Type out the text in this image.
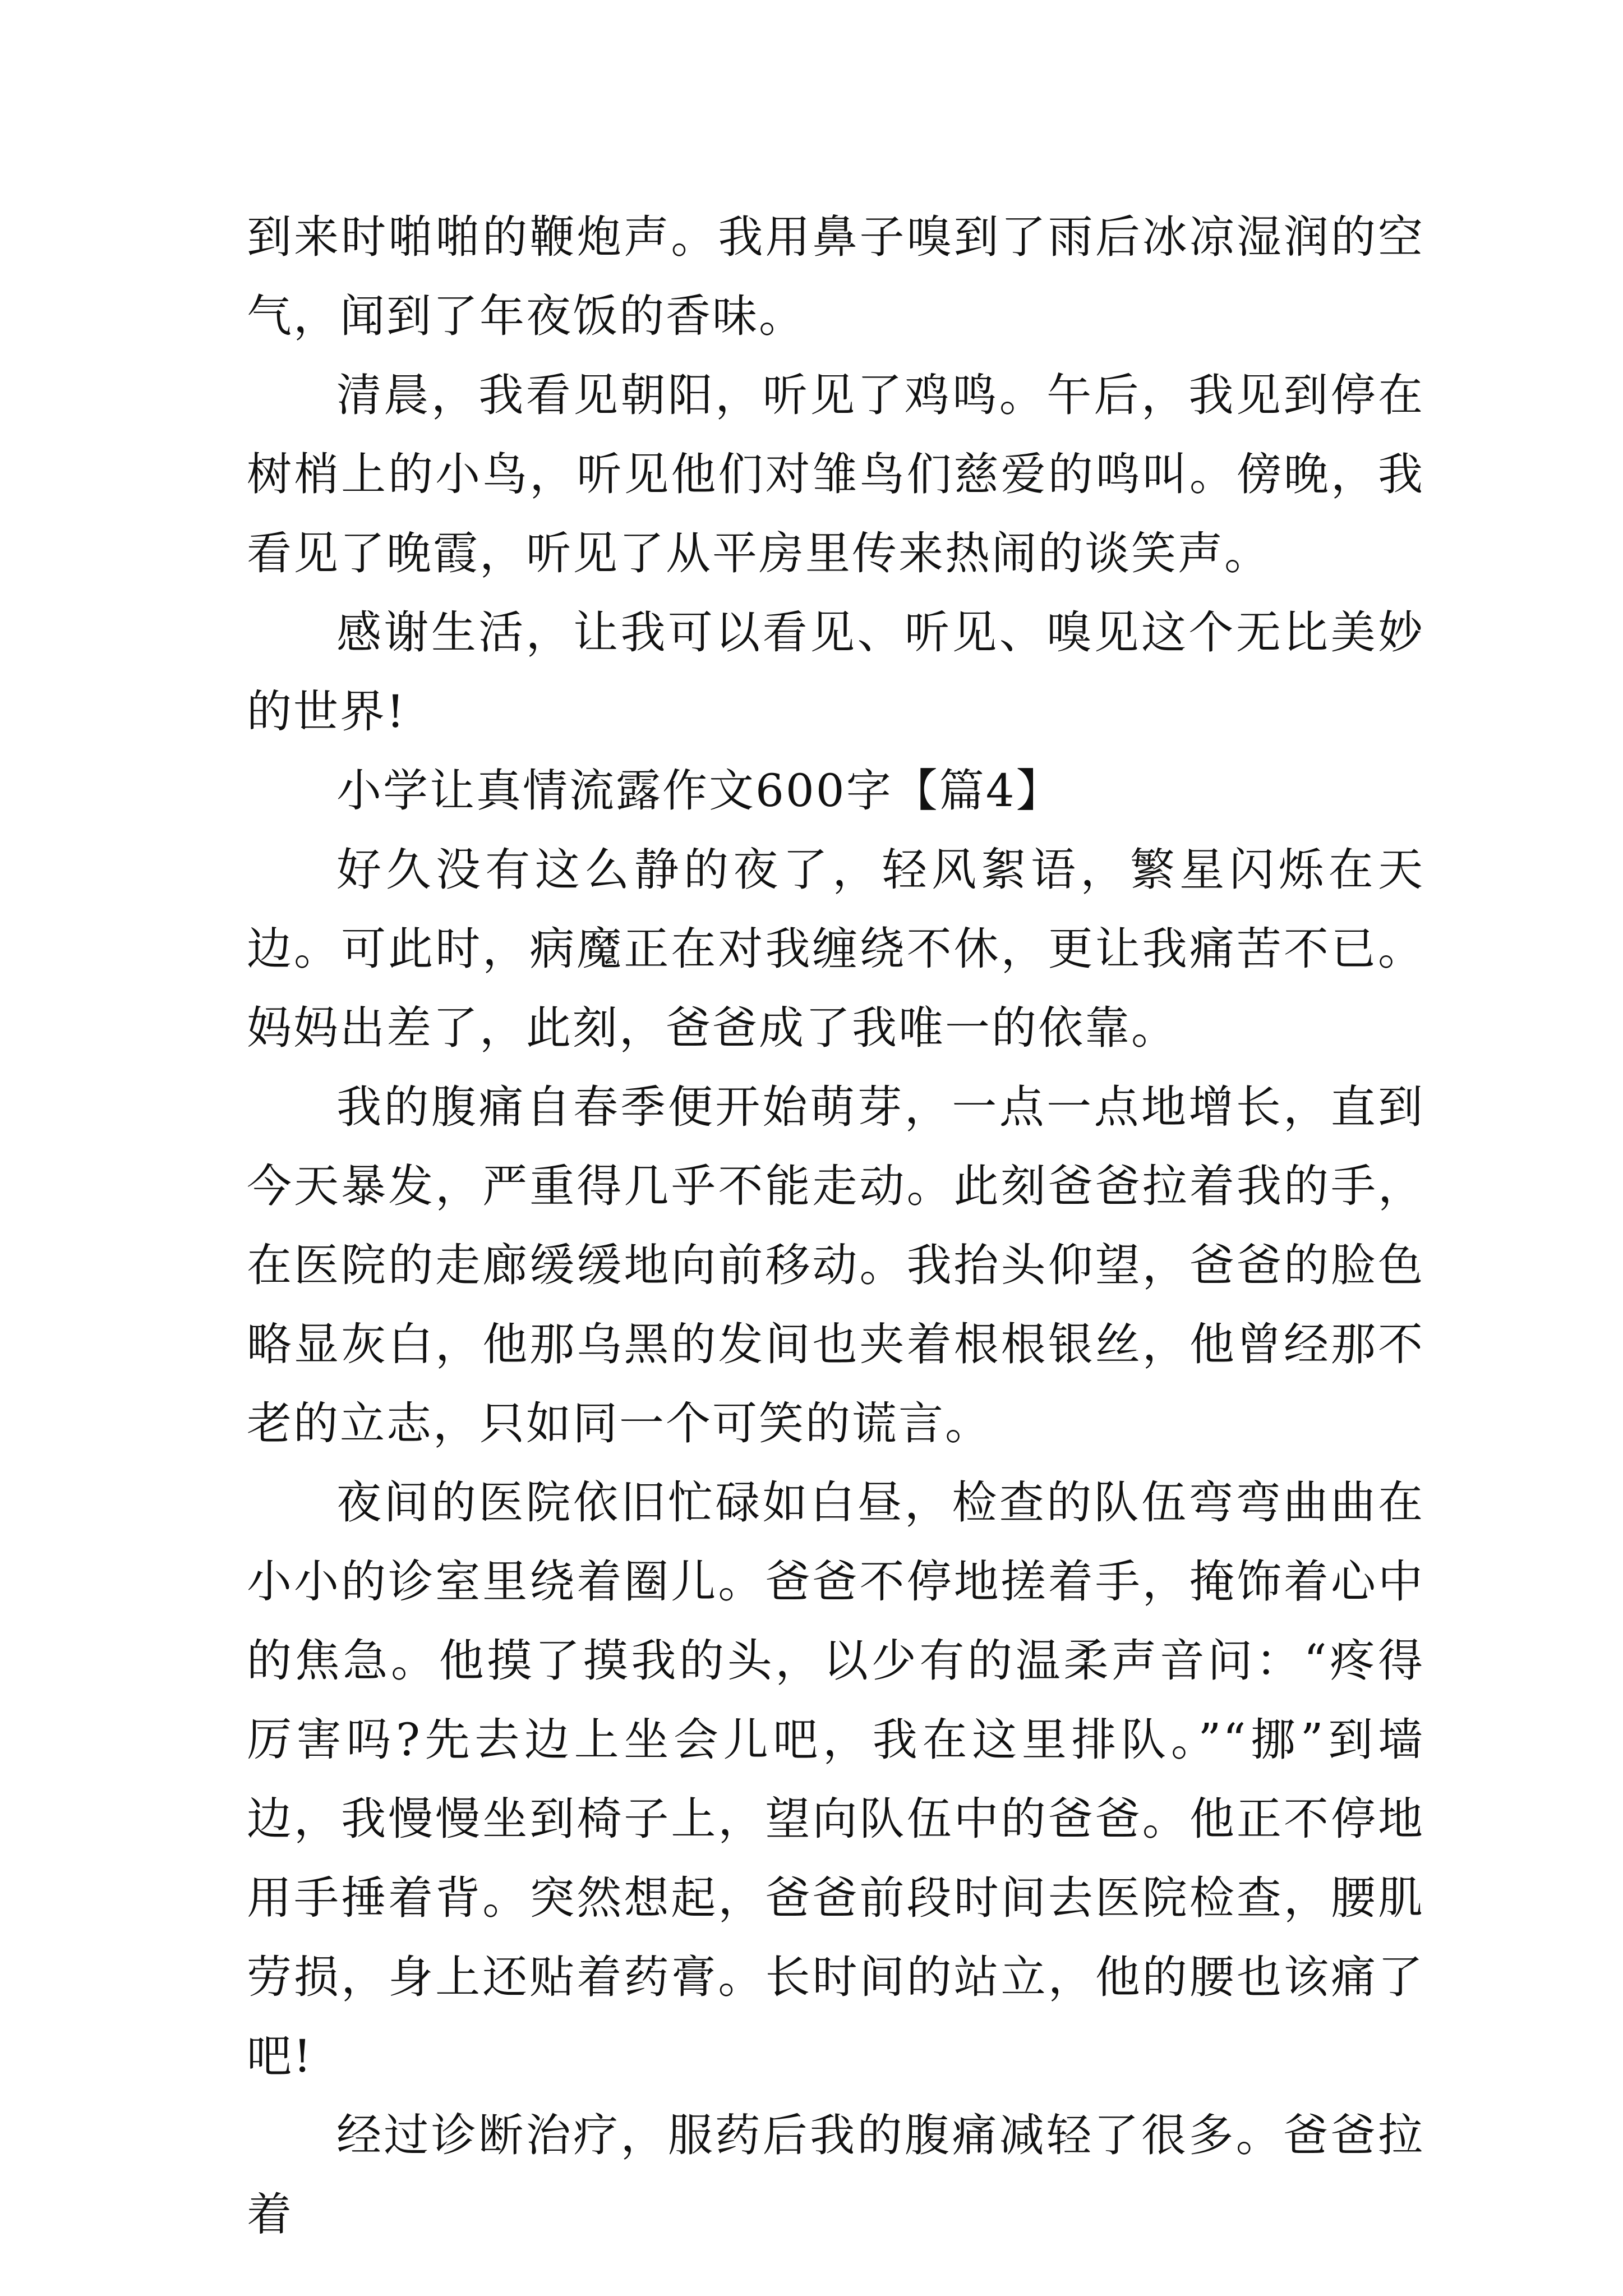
到来时啪啪的鞭炮声。我用鼻子嗅到了雨后冰凉湿润的空气，闻到了年夜饭的香味。

清晨，我看见朝阳，听见了鸡鸣。午后，我见到停在树梢上的小鸟，听见他们对雏鸟们慈爱的鸣叫。傍晚，我看见了晚霞，听见了从平房里传来热闹的谈笑声。

感谢生活，让我可以看见、听见、嗅见这个无比美妙的世界!

小学让真情流露作文600字【篇4】

好久没有这么静的夜了，轻风絮语，繁星闪烁在天边。可此时，病魔正在对我缠绕不休，更让我痛苦不已。妈妈出差了，此刻，爸爸成了我唯一的依靠。

我的腹痛自春季便开始萌芽，一点一点地增长，直到今天暴发，严重得几乎不能走动。此刻爸爸拉着我的手，在医院的走廊缓缓地向前移动。我抬头仰望，爸爸的脸色略显灰白，他那乌黑的发间也夹着根根银丝，他曾经那不老的立志，只如同一个可笑的谎言。

夜间的医院依旧忙碌如白昼，检查的队伍弯弯曲曲在小小的诊室里绕着圈儿。爸爸不停地搓着手，掩饰着心中的焦急。他摸了摸我的头，以少有的温柔声音问：“疼得厉害吗?先去边上坐会儿吧，我在这里排队。”“挪”到墙边，我慢慢坐到椅子上，望向队伍中的爸爸。他正不停地用手捶着背。突然想起，爸爸前段时间去医院检查，腰肌劳损，身上还贴着药膏。长时间的站立，他的腰也该痛了吧!

经过诊断治疗，服药后我的腹痛减轻了很多。爸爸拉着
